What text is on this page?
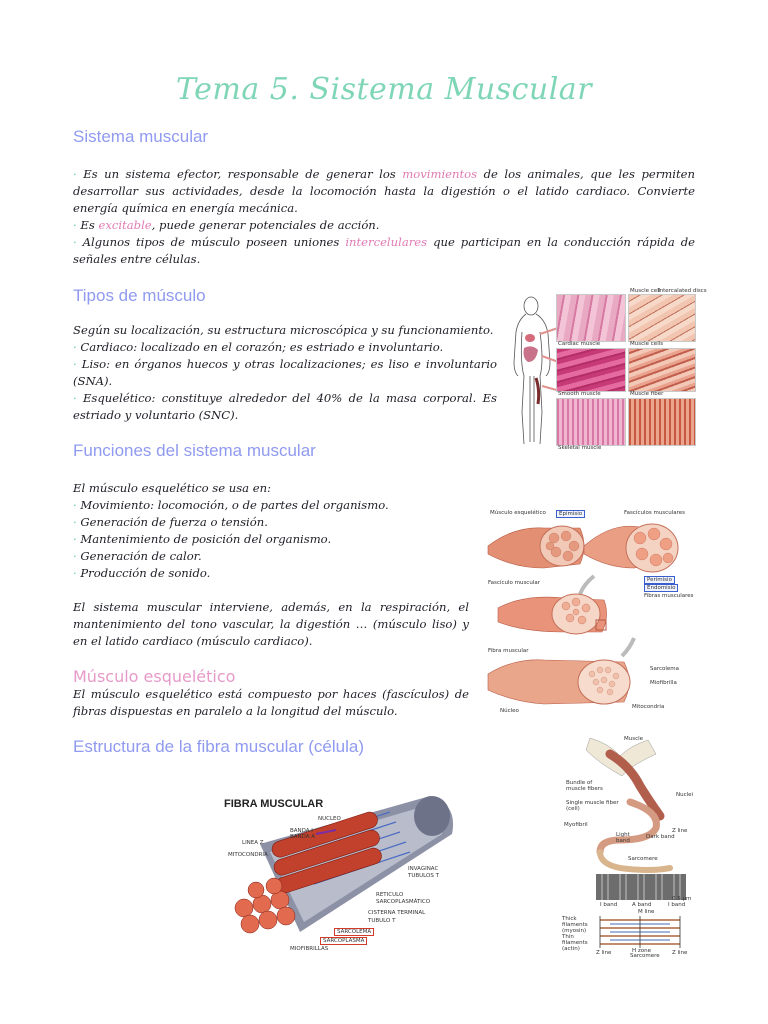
Tema 5. Sistema Muscular
Sistema muscular

· Es un sistema efector, responsable de generar los movimientos de los animales, que les permiten desarrollar sus actividades, desde la locomoción hasta la digestión o el latido cardiaco. Convierte energía química en energía mecánica.

· Es excitable, puede generar potenciales de acción.

· Algunos tipos de músculo poseen uniones intercelulares que participan en la conducción rápida de señales entre células.

Tipos de músculo

Según su localización, su estructura microscópica y su funcionamiento.

· Cardiaco: localizado en el corazón; es estriado e involuntario.

· Liso: en órganos huecos y otras localizaciones; es liso e involuntario (SNA).

· Esquelético: constituye alrededor del 40% de la masa corporal. Es estriado y voluntario (SNC).

Muscle cell
Intercalated discs
Cardiac muscle	Muscle cells
Smooth muscle	Muscle fiber
Skeletal muscle
Funciones del sistema muscular

El músculo esquelético se usa en:

· Movimiento: locomoción, o de partes del organismo.

· Generación de fuerza o tensión.

· Mantenimiento de posición del organismo.

· Generación de calor.

· Producción de sonido.

El sistema muscular interviene, además, en la respiración, el mantenimiento del tono vascular, la digestión … (músculo liso) y en el latido cardiaco (músculo cardiaco).

Músculo esquelético	Epimisio	Fascículos musculares
Fascículo muscular	Perimisio
Endomisio
Fibras musculares
Fibra muscular
Sarcolema
Miofibrilla
Núcleo
Mitocondria
Músculo esquelético
El músculo esquelético está compuesto por haces (fascículos) de fibras dispuestas en paralelo a la longitud del músculo.
Estructura de la fibra muscular (célula)
FIBRA MUSCULAR
NUCLEO
BANDA I
BANDA A
LINEA Z
MITOCONDRIA
INVAGINAC
TUBULOS T
RETICULO
SARCOPLASMÁTICO
CISTERNA TERMINAL
TUBULO T
SARCOLEMA
SARCOPLASMA
MIOFIBRILLAS
Muscle
Bundle of
muscle fibers
Nuclei
Single muscle fiber
(cell)
Myofibril
Light
band
Dark band
Z line
Sarcomere
0.5 μm
I band	A band	I band
M line
Thick
filaments
(myosin)
Thin
filaments
(actin)
Z line	H zone	Z line
Sarcomere
